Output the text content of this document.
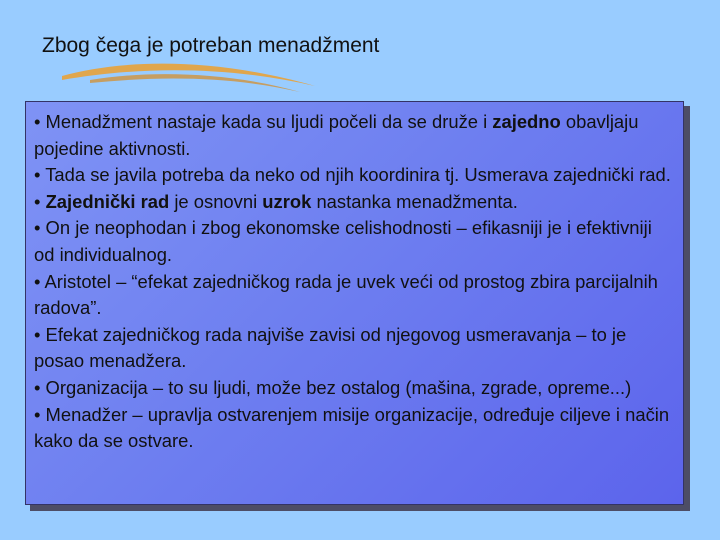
Zbog čega je potreban menadžment
• Menadžment nastaje kada su ljudi počeli da se druže i zajedno obavljaju pojedine aktivnosti.
• Tada se javila potreba da neko od njih koordinira tj. Usmerava zajednički rad.
• Zajednički rad je osnovni uzrok nastanka menadžmenta.
• On je neophodan i zbog ekonomske celishodnosti – efikasniji je i efektivniji od individualnog.
• Aristotel – “efekat zajedničkog rada je uvek veći od prostog zbira parcijalnih radova”.
• Efekat zajedničkog rada najviše zavisi od njegovog usmeravanja – to je posao menadžera.
• Organizacija – to su ljudi, može bez ostalog (mašina, zgrade, opreme...)
• Menadžer – upravlja ostvarenjem misije organizacije, određuje ciljeve i način kako da se ostvare.
